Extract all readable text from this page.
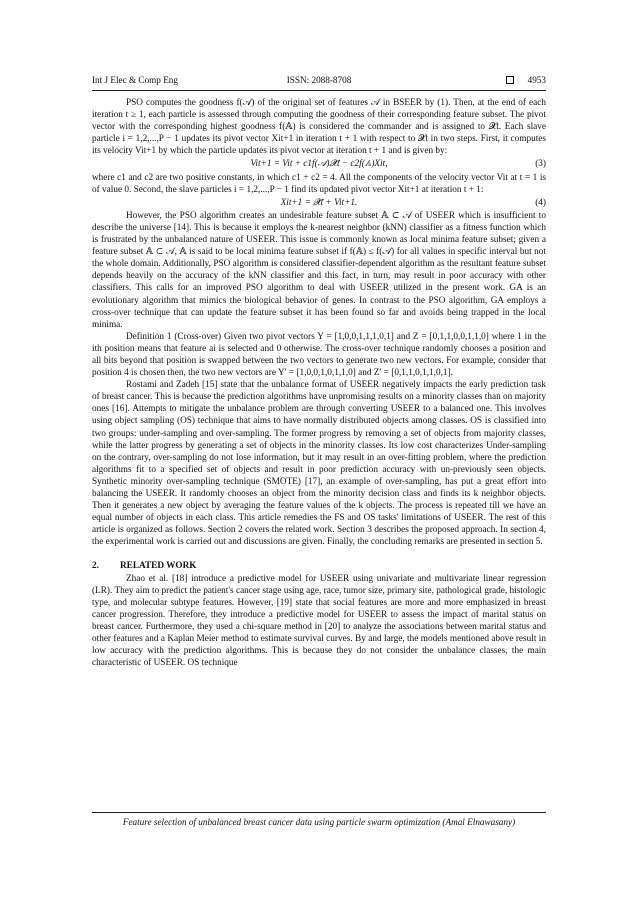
Int J Elec & Comp Eng	ISSN: 2088-8708	4953

PSO computes the goodness f(𝒜) of the original set of features 𝒜 in BSEER by (1). Then, at the end of each iteration t ≥ 1, each particle is assessed through computing the goodness of their corresponding feature subset. The pivot vector with the corresponding highest goodness f(𝔸) is considered the commander and is assigned to 𝓧t. Each slave particle i = 1,2,...,P − 1 updates its pivot vector Xit+1 in iteration t + 1 with respect to 𝓧t in two steps. First, it computes its velocity Vit+1 by which the particle updates its pivot vector at iteration t + 1 and is given by:

Vit+1 = Vit + c1f(𝒜)𝓧t − c2f(𝔸)Xit,	(3)

where c1 and c2 are two positive constants, in which c1 + c2 = 4. All the components of the velocity vector Vit at t = 1 is of value 0. Second, the slave particles i = 1,2,...,P − 1 find its updated pivot vector Xit+1 at iteration t + 1:

Xit+1 = 𝓧t + Vit+1.	(4)

However, the PSO algorithm creates an undesirable feature subset 𝔸 ⊂ 𝒜 of USEER which is insufficient to describe the universe [14]. This is because it employs the k-nearest neighbor (kNN) classifier as a fitness function which is frustrated by the unbalanced nature of USEER. This issue is commonly known as local minima feature subset; given a feature subset 𝔸 ⊂ 𝒜, 𝔸 is said to be local minima feature subset if f(𝔸) ≤ f(𝒜) for all values in specific interval but not the whole domain. Additionally, PSO algorithm is considered classifier-dependent algorithm as the resultant feature subset depends heavily on the accuracy of the kNN classifier and this fact, in turn, may result in poor accuracy with other classifiers. This calls for an improved PSO algorithm to deal with USEER utilized in the present work. GA is an evolutionary algorithm that mimics the biological behavior of genes. In contrast to the PSO algorithm, GA employs a cross-over technique that can update the feature subset it has been found so far and avoids being trapped in the local minima.

Definition 1 (Cross-over) Given two pivot vectors Y = [1,0,0,1,1,1,0,1] and Z = [0,1,1,0,0,1,1,0] where 1 in the ith position means that feature ai is selected and 0 otherwise. The cross-over technique randomly chooses a position and all bits beyond that position is swapped between the two vectors to generate two new vectors. For example, consider that position 4 is chosen then, the two new vectors are Y′ = [1,0,0,1,0,1,1,0] and Z′ = [0,1,1,0,1,1,0,1].

Rostami and Zadeh [15] state that the unbalance format of USEER negatively impacts the early prediction task of breast cancer. This is because the prediction algorithms have unpromising results on a minority classes than on majority ones [16]. Attempts to mitigate the unbalance problem are through converting USEER to a balanced one. This involves using object sampling (OS) technique that aims to have normally distributed objects among classes. OS is classified into two groups: under-sampling and over-sampling. The former progress by removing a set of objects from majority classes, while the latter progress by generating a set of objects in the minority classes. Its low cost characterizes Under-sampling on the contrary, over-sampling do not lose information, but it may result in an over-fitting problem, where the prediction algorithms fit to a specified set of objects and result in poor prediction accuracy with un-previously seen objects. Synthetic minority over-sampling technique (SMOTE) [17], an example of over-sampling, has put a great effort into balancing the USEER. It randomly chooses an object from the minority decision class and finds its k neighbor objects. Then it generates a new object by averaging the feature values of the k objects. The process is repeated till we have an equal number of objects in each class. This article remedies the FS and OS tasks' limitations of USEER. The rest of this article is organized as follows. Section 2 covers the related work. Section 3 describes the proposed approach. In section 4, the experimental work is carried out and discussions are given. Finally, the concluding remarks are presented in section 5.

2. RELATED WORK

Zhao et al. [18] introduce a predictive model for USEER using univariate and multivariate linear regression (LR). They aim to predict the patient's cancer stage using age, race, tumor size, primary site, pathological grade, histologic type, and molecular subtype features. However, [19] state that social features are more and more emphasized in breast cancer progression. Therefore, they introduce a predictive model for USEER to assess the impact of marital status on breast cancer. Furthermore, they used a chi-square method in [20] to analyze the associations between marital status and other features and a Kaplan Meier method to estimate survival curves. By and large, the models mentioned above result in low accuracy with the prediction algorithms. This is because they do not consider the unbalance classes, the main characteristic of USEER. OS technique

Feature selection of unbalanced breast cancer data using particle swarm optimization (Amal Elnawasany)
